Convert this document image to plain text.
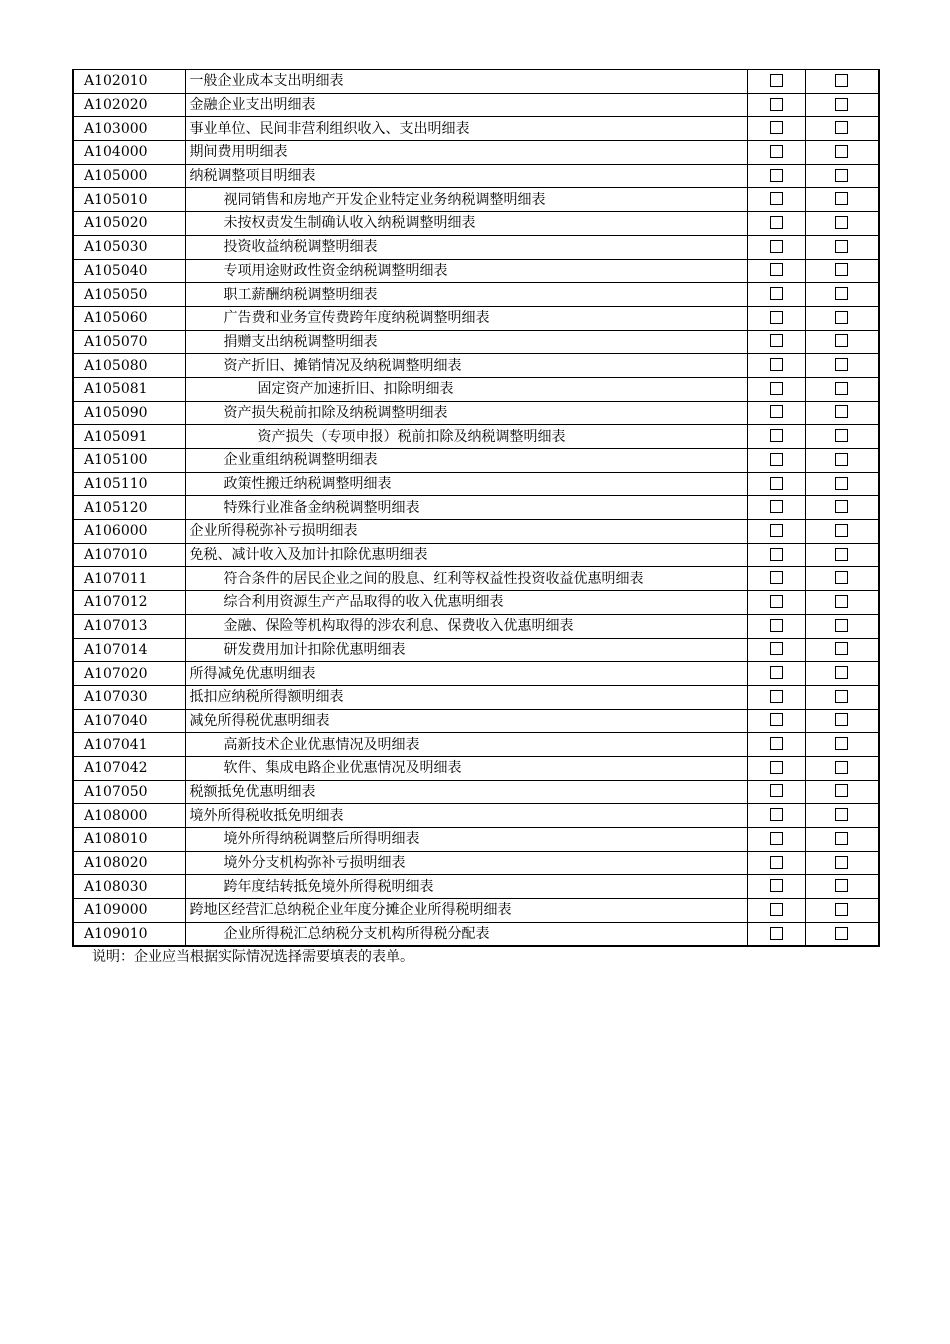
A102010	一般企业成本支出明细表		
A102020	金融企业支出明细表		
A103000	事业单位、民间非营利组织收入、支出明细表		
A104000	期间费用明细表		
A105000	纳税调整项目明细表		
A105010	视同销售和房地产开发企业特定业务纳税调整明细表		
A105020	未按权责发生制确认收入纳税调整明细表		
A105030	投资收益纳税调整明细表		
A105040	专项用途财政性资金纳税调整明细表		
A105050	职工薪酬纳税调整明细表		
A105060	广告费和业务宣传费跨年度纳税调整明细表		
A105070	捐赠支出纳税调整明细表		
A105080	资产折旧、摊销情况及纳税调整明细表		
A105081	固定资产加速折旧、扣除明细表		
A105090	资产损失税前扣除及纳税调整明细表		
A105091	资产损失（专项申报）税前扣除及纳税调整明细表		
A105100	企业重组纳税调整明细表		
A105110	政策性搬迁纳税调整明细表		
A105120	特殊行业准备金纳税调整明细表		
A106000	企业所得税弥补亏损明细表		
A107010	免税、减计收入及加计扣除优惠明细表		
A107011	符合条件的居民企业之间的股息、红利等权益性投资收益优惠明细表		
A107012	综合利用资源生产产品取得的收入优惠明细表		
A107013	金融、保险等机构取得的涉农利息、保费收入优惠明细表		
A107014	研发费用加计扣除优惠明细表		
A107020	所得减免优惠明细表		
A107030	抵扣应纳税所得额明细表		
A107040	减免所得税优惠明细表		
A107041	高新技术企业优惠情况及明细表		
A107042	软件、集成电路企业优惠情况及明细表		
A107050	税额抵免优惠明细表		
A108000	境外所得税收抵免明细表		
A108010	境外所得纳税调整后所得明细表		
A108020	境外分支机构弥补亏损明细表		
A108030	跨年度结转抵免境外所得税明细表		
A109000	跨地区经营汇总纳税企业年度分摊企业所得税明细表		
A109010	企业所得税汇总纳税分支机构所得税分配表		
说明：企业应当根据实际情况选择需要填表的表单。
